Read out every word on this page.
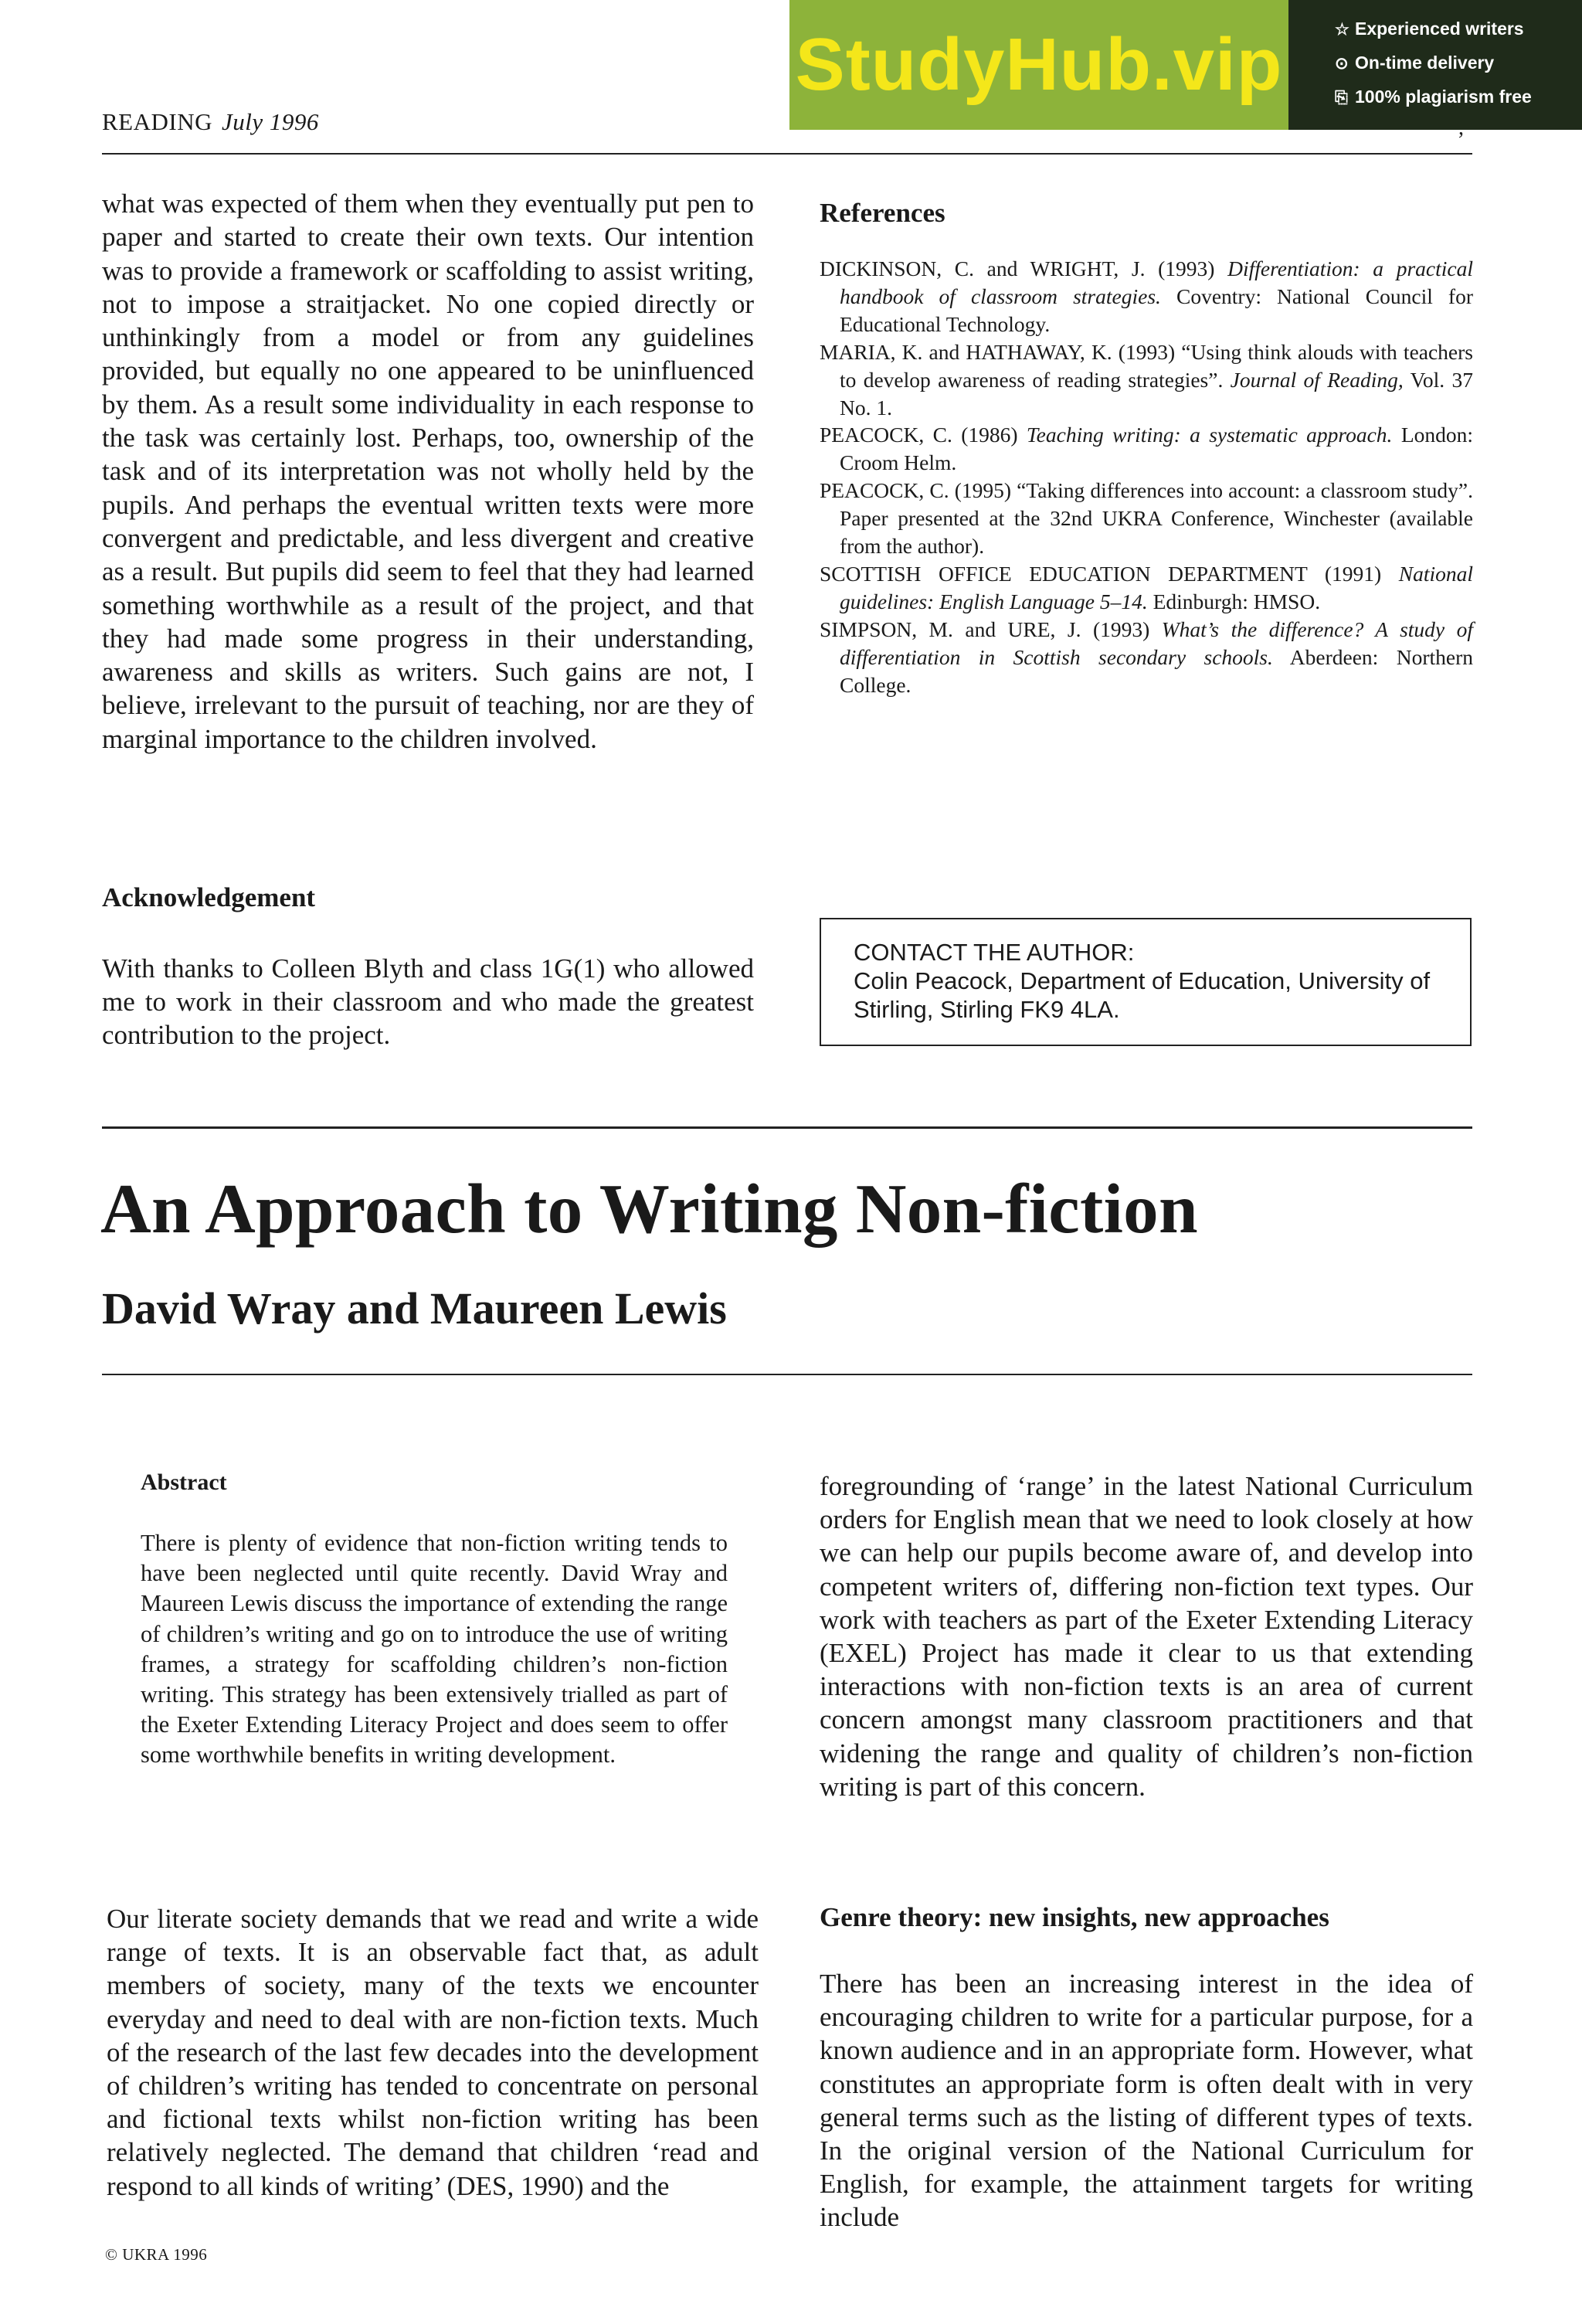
READING July 1996
StudyHub.vip	☆ Experienced writers
⊙ On-time delivery
⎘ 100% plagiarism free
what was expected of them when they eventually put pen to paper and started to create their own texts. Our intention was to provide a framework or scaffolding to assist writing, not to impose a straitjacket. No one copied directly or unthinkingly from a model or from any guidelines provided, but equally no one appeared to be uninfluenced by them. As a result some individuality in each response to the task was certainly lost. Perhaps, too, ownership of the task and of its interpretation was not wholly held by the pupils. And perhaps the eventual written texts were more convergent and predictable, and less divergent and creative as a result. But pupils did seem to feel that they had learned something worthwhile as a result of the project, and that they had made some progress in their understanding, awareness and skills as writers. Such gains are not, I believe, irrelevant to the pursuit of teaching, nor are they of marginal importance to the children involved.
Acknowledgement
With thanks to Colleen Blyth and class 1G(1) who allowed me to work in their classroom and who made the greatest contribution to the project.
References
DICKINSON, C. and WRIGHT, J. (1993) Differentiation: a practical handbook of classroom strategies. Coventry: National Council for Educational Technology.
MARIA, K. and HATHAWAY, K. (1993) “Using think alouds with teachers to develop awareness of reading strategies”. Journal of Reading, Vol. 37 No. 1.
PEACOCK, C. (1986) Teaching writing: a systematic approach. London: Croom Helm.
PEACOCK, C. (1995) “Taking differences into account: a classroom study”. Paper presented at the 32nd UKRA Conference, Winchester (available from the author).
SCOTTISH OFFICE EDUCATION DEPARTMENT (1991) National guidelines: English Language 5–14. Edinburgh: HMSO.
SIMPSON, M. and URE, J. (1993) What’s the difference? A study of differentiation in Scottish secondary schools. Aberdeen: Northern College.
CONTACT THE AUTHOR:
Colin Peacock, Department of Education, University of Stirling, Stirling FK9 4LA.
An Approach to Writing Non-fiction
David Wray and Maureen Lewis
Abstract
There is plenty of evidence that non-fiction writing tends to have been neglected until quite recently. David Wray and Maureen Lewis discuss the importance of extending the range of children’s writing and go on to introduce the use of writing frames, a strategy for scaffolding children’s non-fiction writing. This strategy has been extensively trialled as part of the Exeter Extending Literacy Project and does seem to offer some worthwhile benefits in writing development.
foregrounding of ‘range’ in the latest National Curriculum orders for English mean that we need to look closely at how we can help our pupils become aware of, and develop into competent writers of, differing non-fiction text types. Our work with teachers as part of the Exeter Extending Literacy (EXEL) Project has made it clear to us that extending interactions with non-fiction texts is an area of current concern amongst many classroom practitioners and that widening the range and quality of children’s non-fiction writing is part of this concern.
Our literate society demands that we read and write a wide range of texts. It is an observable fact that, as adult members of society, many of the texts we encounter everyday and need to deal with are non-fiction texts. Much of the research of the last few decades into the development of children’s writing has tended to concentrate on personal and fictional texts whilst non-fiction writing has been relatively neglected. The demand that children ‘read and respond to all kinds of writing’ (DES, 1990) and the
Genre theory: new insights, new approaches
There has been an increasing interest in the idea of encouraging children to write for a particular purpose, for a known audience and in an appropriate form. However, what constitutes an appropriate form is often dealt with in very general terms such as the listing of different types of texts. In the original version of the National Curriculum for English, for example, the attainment targets for writing include
© UKRA 1996
